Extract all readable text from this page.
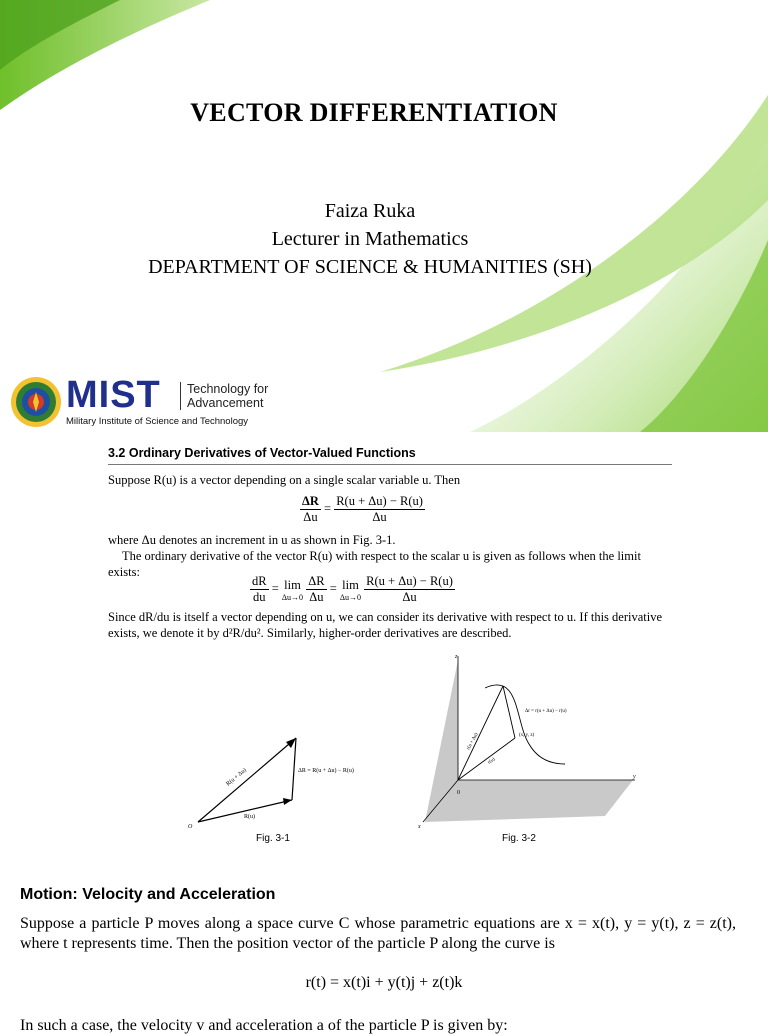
VECTOR DIFFERENTIATION
Faiza Ruka
Lecturer in Mathematics
DEPARTMENT OF SCIENCE & HUMANITIES (SH)
MIST	Technology for
Advancement
Military Institute of Science and Technology
3.2 Ordinary Derivatives of Vector-Valued Functions
Suppose R(u) is a vector depending on a single scalar variable u. Then
$\frac{\Delta R}{\Delta u} = \frac{R(u + \Delta u) - R(u)}{\Delta u}$
where Δu denotes an increment in u as shown in Fig. 3-1.
The ordinary derivative of the vector R(u) with respect to the scalar u is given as follows when the limit exists:
$\frac{dR}{du} = \lim$
Δu→0
$\frac{\Delta R}{\Delta u} = \lim$
Δu→0
$\frac{R(u + \Delta u) - R(u)}{\Delta u}$
Since dR/du is itself a vector depending on u, we can consider its derivative with respect to u. If this derivative exists, we denote it by d²R/du². Similarly, higher-order derivatives are described.
R(u + Δu)
R(u)
ΔR = R(u + Δu) − R(u)
O
Fig. 3-1
Δr = r(u + Δu) − r(u)
(x, y, z)
r(u + Δu)
r(u)
z
y
x
0
Fig. 3-2
Motion: Velocity and Acceleration
Suppose a particle P moves along a space curve C whose parametric equations are x = x(t), y = y(t), z = z(t), where t represents time. Then the position vector of the particle P along the curve is
r(t) = x(t)i + y(t)j + z(t)k
In such a case, the velocity v and acceleration a of the particle P is given by:
